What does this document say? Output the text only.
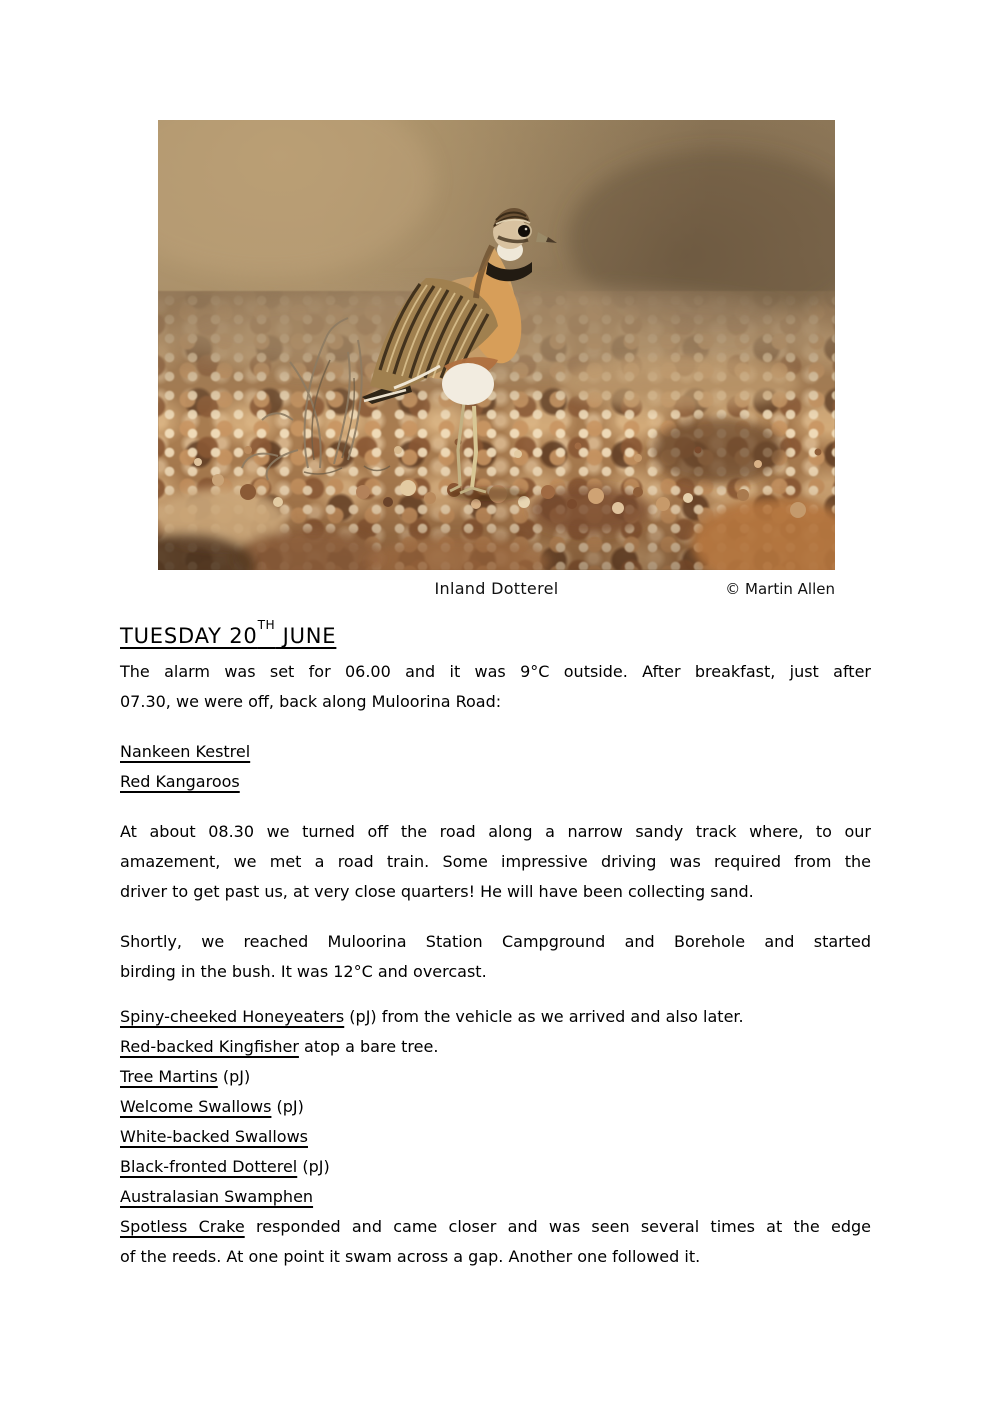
Inland Dotterel	© Martin Allen
TUESDAY 20TH JUNE

The alarm was set for 06.00 and it was 9°C outside. After breakfast, just after
07.30, we were off, back along Muloorina Road:

Nankeen Kestrel

Red Kangaroos

At about 08.30 we turned off the road along a narrow sandy track where, to our
amazement, we met a road train. Some impressive driving was required from the
driver to get past us, at very close quarters! He will have been collecting sand.

Shortly, we reached Muloorina Station Campground and Borehole and started
birding in the bush. It was 12°C and overcast.

Spiny-cheeked Honeyeaters (pJ) from the vehicle as we arrived and also later.

Red-backed Kingfisher atop a bare tree.

Tree Martins (pJ)

Welcome Swallows (pJ)

White-backed Swallows

Black-fronted Dotterel (pJ)

Australasian Swamphen

Spotless Crake responded and came closer and was seen several times at the edge
of the reeds. At one point it swam across a gap. Another one followed it.
